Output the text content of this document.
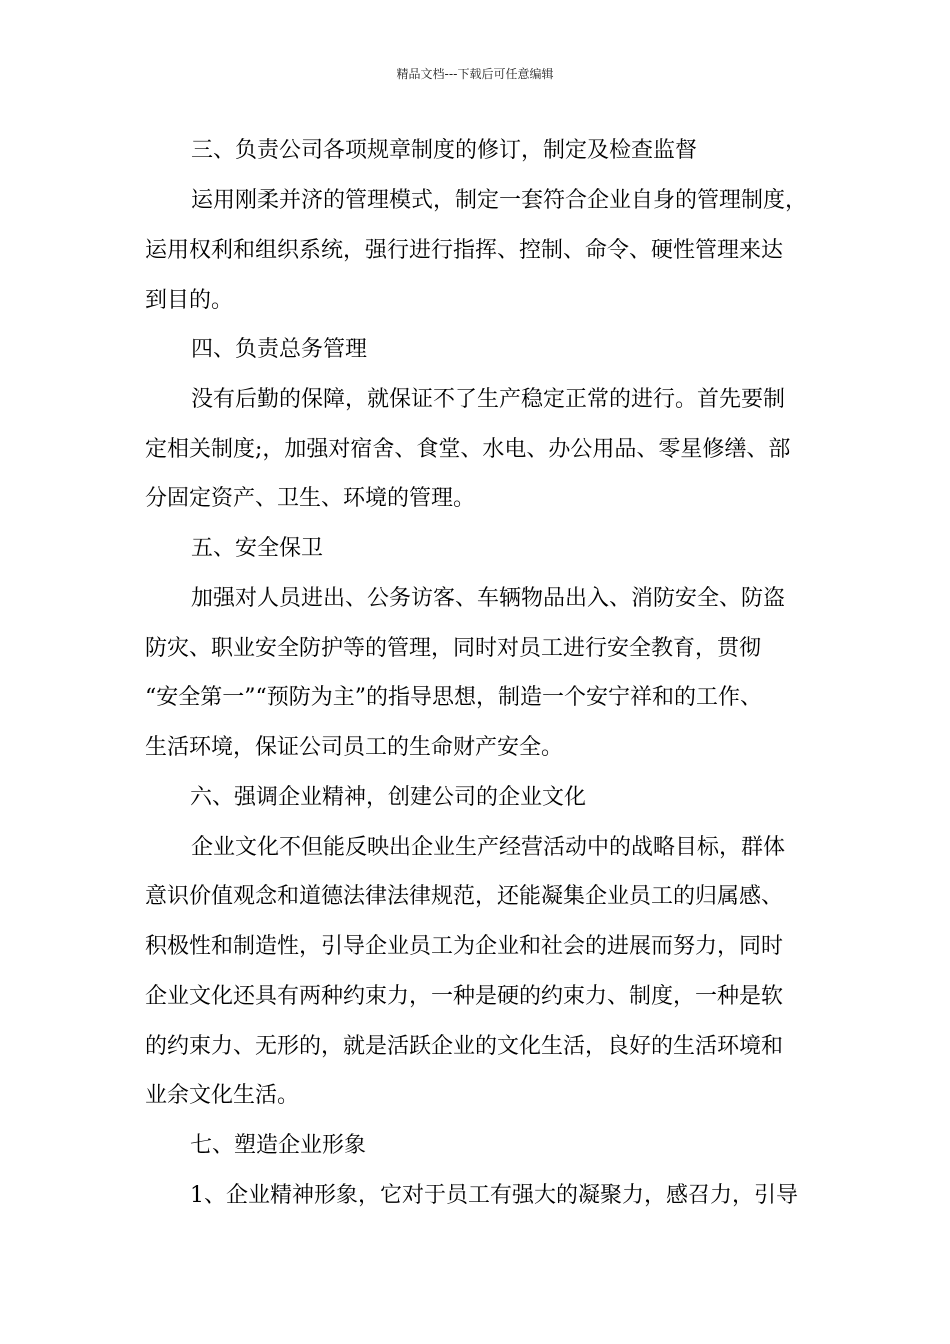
精品文档---下载后可任意编辑
三、负责公司各项规章制度的修订，制定及检查监督
运用刚柔并济的管理模式，制定一套符合企业自身的管理制度，
运用权利和组织系统，强行进行指挥、控制、命令、硬性管理来达
到目的。
四、负责总务管理
没有后勤的保障，就保证不了生产稳定正常的进行。首先要制
定相关制度;，加强对宿舍、食堂、水电、办公用品、零星修缮、部
分固定资产、卫生、环境的管理。
五、安全保卫
加强对人员进出、公务访客、车辆物品出入、消防安全、防盗
防灾、职业安全防护等的管理，同时对员工进行安全教育，贯彻
“安全第一”“预防为主”的指导思想，制造一个安宁祥和的工作、
生活环境，保证公司员工的生命财产安全。
六、强调企业精神，创建公司的企业文化
企业文化不但能反映出企业生产经营活动中的战略目标，群体
意识价值观念和道德法律法律规范，还能凝集企业员工的归属感、
积极性和制造性，引导企业员工为企业和社会的进展而努力，同时
企业文化还具有两种约束力，一种是硬的约束力、制度，一种是软
的约束力、无形的，就是活跃企业的文化生活，良好的生活环境和
业余文化生活。
七、塑造企业形象
1、企业精神形象，它对于员工有强大的凝聚力，感召力，引导
